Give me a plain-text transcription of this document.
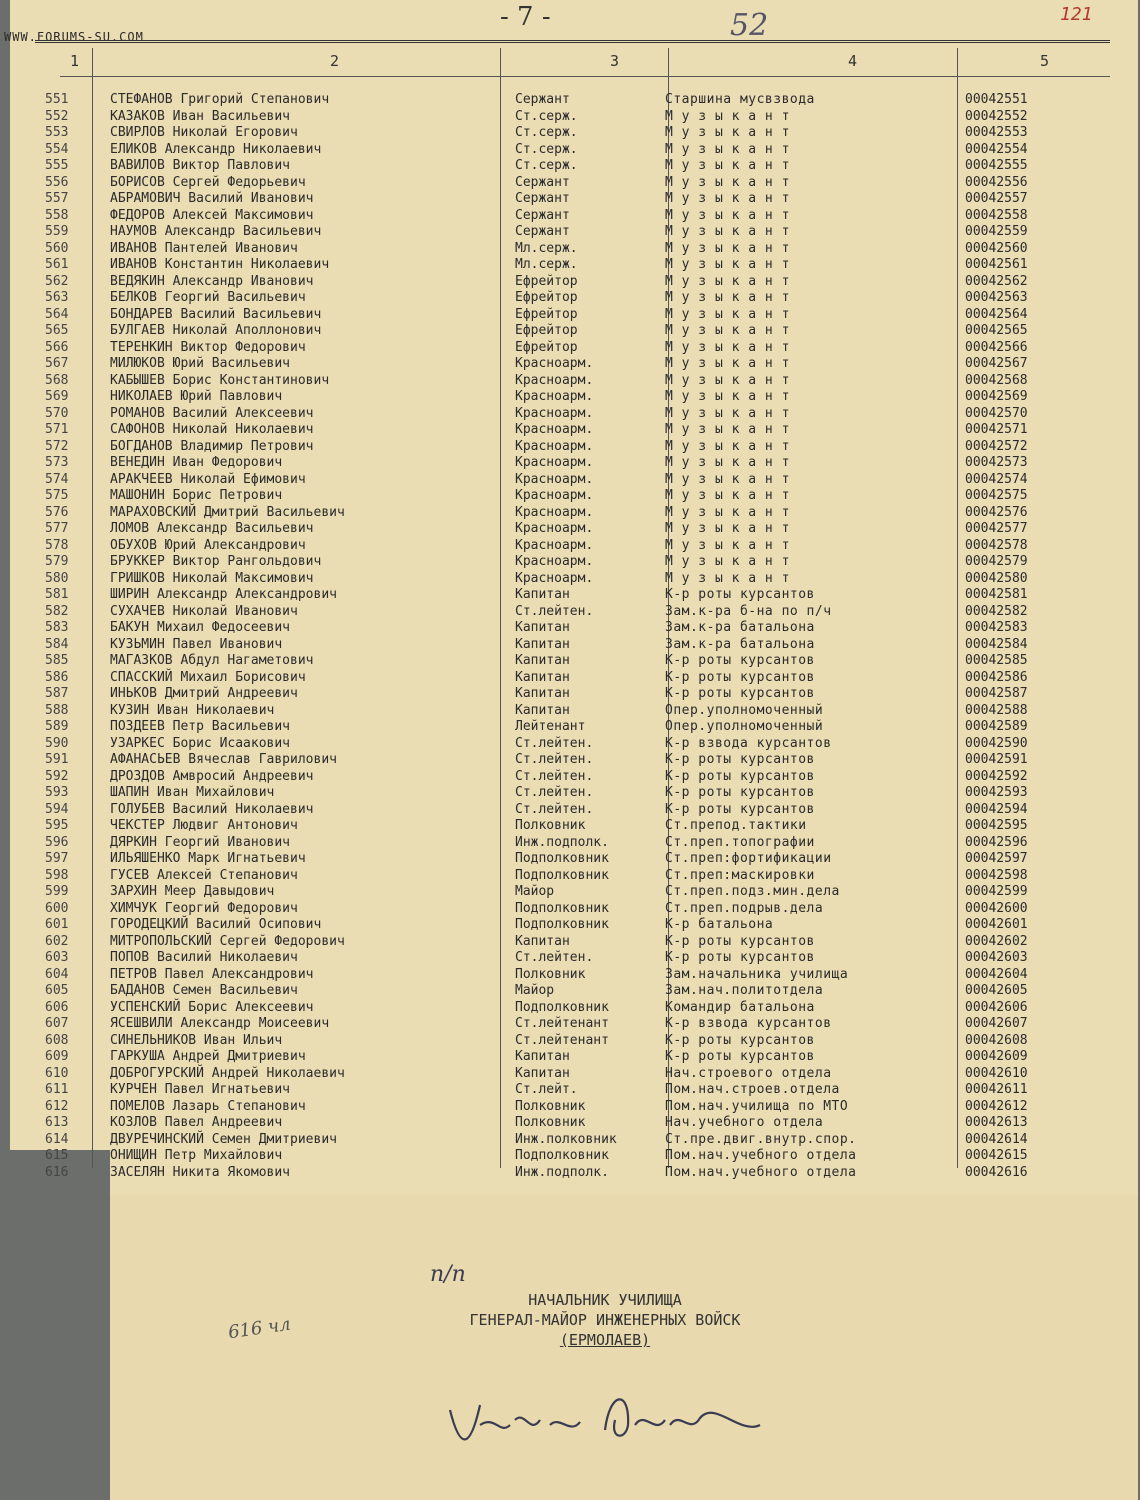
WWW.FORUMS-SU.COM
- 7 -	52	121
1	2	3	4	5
551	СТЕФАНОВ Григорий Степанович	Сержант	Старшина мусвзвода	00042551
552	КАЗАКОВ Иван Васильевич	Ст.серж.	М у з ы к а н т	00042552
553	СВИРЛОВ Николай Егорович	Ст.серж.	М у з ы к а н т	00042553
554	ЕЛИКОВ Александр Николаевич	Ст.серж.	М у з ы к а н т	00042554
555	ВАВИЛОВ Виктор Павлович	Ст.серж.	М у з ы к а н т	00042555
556	БОРИСОВ Сергей Федорьевич	Сержант	М у з ы к а н т	00042556
557	АБРАМОВИЧ Василий Иванович	Сержант	М у з ы к а н т	00042557
558	ФЕДОРОВ Алексей Максимович	Сержант	М у з ы к а н т	00042558
559	НАУМОВ Александр Васильевич	Сержант	М у з ы к а н т	00042559
560	ИВАНОВ Пантелей Иванович	Мл.серж.	М у з ы к а н т	00042560
561	ИВАНОВ Константин Николаевич	Мл.серж.	М у з ы к а н т	00042561
562	ВЕДЯКИН Александр Иванович	Ефрейтор	М у з ы к а н т	00042562
563	БЕЛКОВ Георгий Васильевич	Ефрейтор	М у з ы к а н т	00042563
564	БОНДАРЕВ Василий Васильевич	Ефрейтор	М у з ы к а н т	00042564
565	БУЛГАЕВ Николай Аполлонович	Ефрейтор	М у з ы к а н т	00042565
566	ТЕРЕНКИН Виктор Федорович	Ефрейтор	М у з ы к а н т	00042566
567	МИЛЮКОВ Юрий Васильевич	Красноарм.	М у з ы к а н т	00042567
568	КАБЫШЕВ Борис Константинович	Красноарм.	М у з ы к а н т	00042568
569	НИКОЛАЕВ Юрий Павлович	Красноарм.	М у з ы к а н т	00042569
570	РОМАНОВ Василий Алексеевич	Красноарм.	М у з ы к а н т	00042570
571	САФОНОВ Николай Николаевич	Красноарм.	М у з ы к а н т	00042571
572	БОГДАНОВ Владимир Петрович	Красноарм.	М у з ы к а н т	00042572
573	ВЕНЕДИН Иван Федорович	Красноарм.	М у з ы к а н т	00042573
574	АРАКЧЕЕВ Николай Ефимович	Красноарм.	М у з ы к а н т	00042574
575	МАШОНИН Борис Петрович	Красноарм.	М у з ы к а н т	00042575
576	МАРАХОВСКИЙ Дмитрий Васильевич	Красноарм.	М у з ы к а н т	00042576
577	ЛОМОВ Александр Васильевич	Красноарм.	М у з ы к а н т	00042577
578	ОБУХОВ Юрий Александрович	Красноарм.	М у з ы к а н т	00042578
579	БРУККЕР Виктор Рангольдович	Красноарм.	М у з ы к а н т	00042579
580	ГРИШКОВ Николай Максимович	Красноарм.	М у з ы к а н т	00042580
581	ШИРИН Александр Александрович	Капитан	К-р роты курсантов	00042581
582	СУХАЧЕВ Николай Иванович	Ст.лейтен.	Зам.к-ра б-на по п/ч	00042582
583	БАКУН Михаил Федосеевич	Капитан	Зам.к-ра батальона	00042583
584	КУЗЬМИН Павел Иванович	Капитан	Зам.к-ра батальона	00042584
585	МАГАЗКОВ Абдул Нагаметович	Капитан	К-р роты курсантов	00042585
586	СПАССКИЙ Михаил Борисович	Капитан	К-р роты курсантов	00042586
587	ИНЬКОВ Дмитрий Андреевич	Капитан	К-р роты курсантов	00042587
588	КУЗИН Иван Николаевич	Капитан	Опер.уполномоченный	00042588
589	ПОЗДЕЕВ Петр Васильевич	Лейтенант	Опер.уполномоченный	00042589
590	УЗАРКЕС Борис Исаакович	Ст.лейтен.	К-р взвода курсантов	00042590
591	АФАНАСЬЕВ Вячеслав Гаврилович	Ст.лейтен.	К-р роты курсантов	00042591
592	ДРОЗДОВ Амвросий Андреевич	Ст.лейтен.	К-р роты курсантов	00042592
593	ШАПИН Иван Михайлович	Ст.лейтен.	К-р роты курсантов	00042593
594	ГОЛУБЕВ Василий Николаевич	Ст.лейтен.	К-р роты курсантов	00042594
595	ЧЕКСТЕР Людвиг Антонович	Полковник	Ст.препод.тактики	00042595
596	ДЯРКИН Георгий Иванович	Инж.подполк.	Ст.преп.топографии	00042596
597	ИЛЬЯШЕНКО Марк Игнатьевич	Подполковник	Ст.преп:фортификации	00042597
598	ГУСЕВ Алексей Степанович	Подполковник	Ст.преп:маскировки	00042598
599	ЗАРХИН Меер Давыдович	Майор	Ст.преп.подз.мин.дела	00042599
600	ХИМЧУК Георгий Федорович	Подполковник	Ст.преп.подрыв.дела	00042600
601	ГОРОДЕЦКИЙ Василий Осипович	Подполковник	К-р батальона	00042601
602	МИТРОПОЛЬСКИЙ Сергей Федорович	Капитан	К-р роты курсантов	00042602
603	ПОПОВ Василий Николаевич	Ст.лейтен.	К-р роты курсантов	00042603
604	ПЕТРОВ Павел Александрович	Полковник	Зам.начальника училища	00042604
605	БАДАНОВ Семен Васильевич	Майор	Зам.нач.политотдела	00042605
606	УСПЕНСКИЙ Борис Алексеевич	Подполковник	Командир батальона	00042606
607	ЯСЕШВИЛИ Александр Моисеевич	Ст.лейтенант	К-р взвода курсантов	00042607
608	СИНЕЛЬНИКОВ Иван Ильич	Ст.лейтенант	К-р роты курсантов	00042608
609	ГАРКУША Андрей Дмитриевич	Капитан	К-р роты курсантов	00042609
610	ДОБРОГУРСКИЙ Андрей Николаевич	Капитан	Нач.строевого отдела	00042610
611	КУРЧЕН Павел Игнатьевич	Ст.лейт.	Пом.нач.строев.отдела	00042611
612	ПОМЕЛОВ Лазарь Степанович	Полковник	Пом.нач.училища по МТО	00042612
613	КОЗЛОВ Павел Андреевич	Полковник	Нач.учебного отдела	00042613
614	ДВУРЕЧИНСКИЙ Семен Дмитриевич	Инж.полковник	Ст.пре.двиг.внутр.спор.	00042614
615	ОНИЩИН Петр Михайлович	Подполковник	Пом.нач.учебного отдела	00042615
616	ЗАСЕЛЯН Никита Якомович	Инж.подполк.	Пом.нач.учебного отдела	00042616
п/п
616 чл
НАЧАЛЬНИК УЧИЛИЩА
ГЕНЕРАЛ-МАЙОР ИНЖЕНЕРНЫХ ВОЙСК
(ЕРМОЛАЕВ)
